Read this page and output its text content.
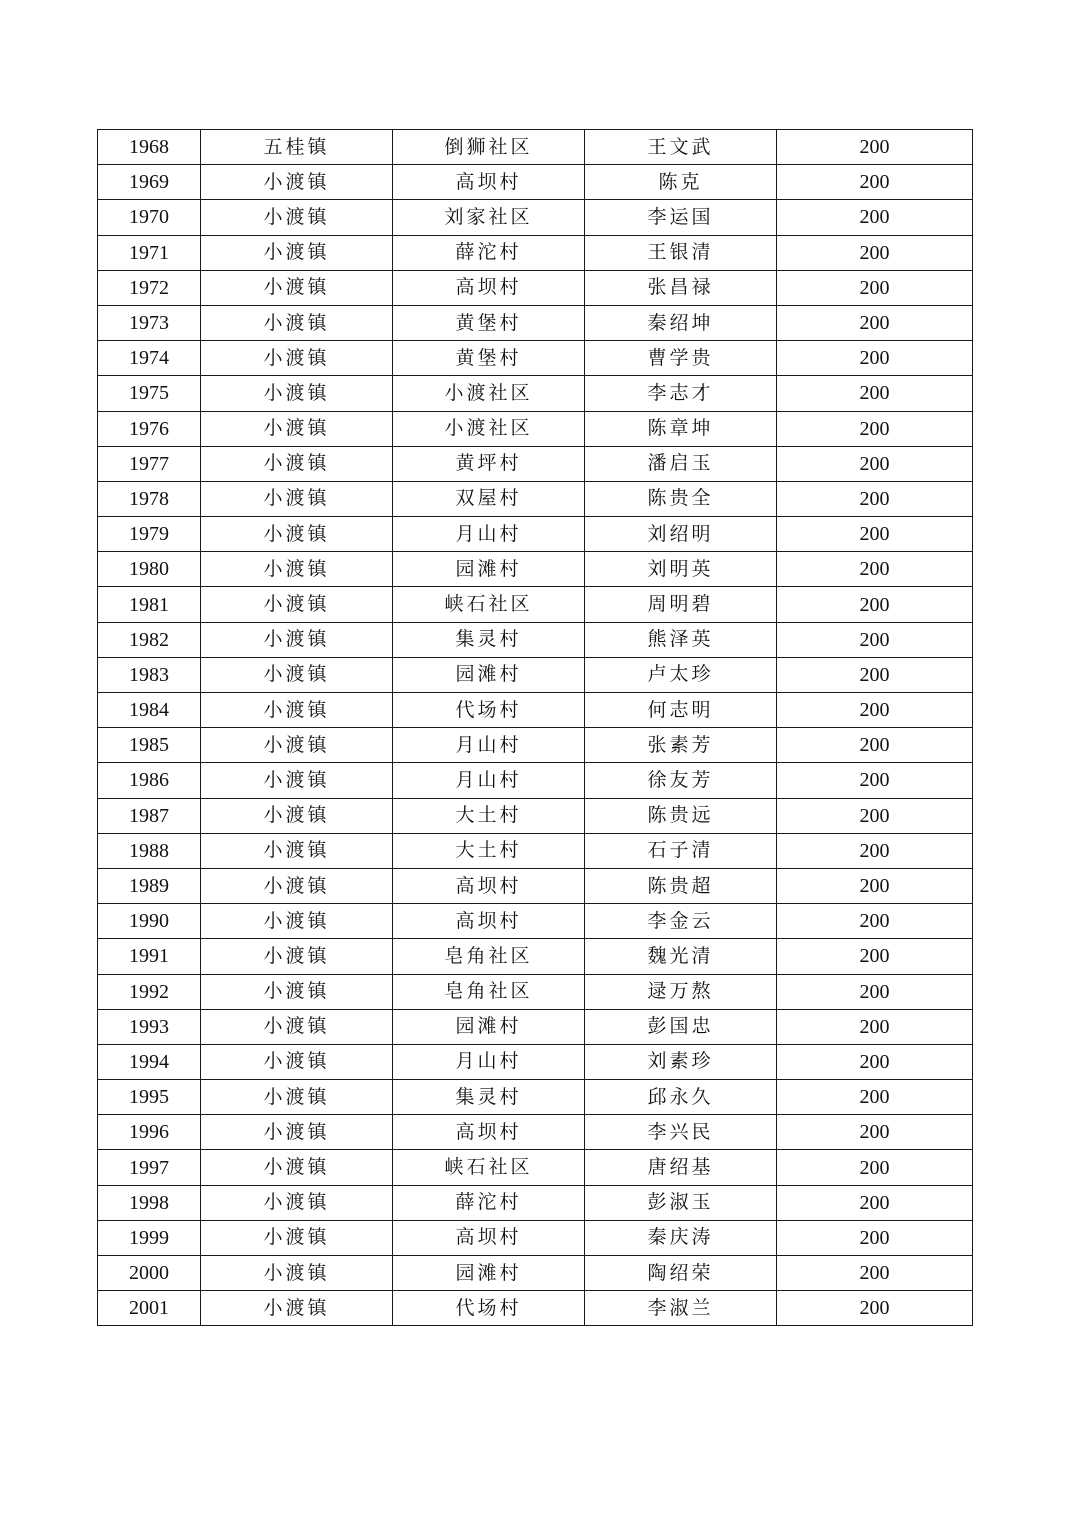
1968	五桂镇	倒狮社区	王文武	200
1969	小渡镇	高坝村	陈克	200
1970	小渡镇	刘家社区	李运国	200
1971	小渡镇	薛沱村	王银清	200
1972	小渡镇	高坝村	张昌禄	200
1973	小渡镇	黄堡村	秦绍坤	200
1974	小渡镇	黄堡村	曹学贵	200
1975	小渡镇	小渡社区	李志才	200
1976	小渡镇	小渡社区	陈章坤	200
1977	小渡镇	黄坪村	潘启玉	200
1978	小渡镇	双屋村	陈贵全	200
1979	小渡镇	月山村	刘绍明	200
1980	小渡镇	园滩村	刘明英	200
1981	小渡镇	峡石社区	周明碧	200
1982	小渡镇	集灵村	熊泽英	200
1983	小渡镇	园滩村	卢太珍	200
1984	小渡镇	代场村	何志明	200
1985	小渡镇	月山村	张素芳	200
1986	小渡镇	月山村	徐友芳	200
1987	小渡镇	大土村	陈贵远	200
1988	小渡镇	大土村	石子清	200
1989	小渡镇	高坝村	陈贵超	200
1990	小渡镇	高坝村	李金云	200
1991	小渡镇	皂角社区	魏光清	200
1992	小渡镇	皂角社区	逯万熬	200
1993	小渡镇	园滩村	彭国忠	200
1994	小渡镇	月山村	刘素珍	200
1995	小渡镇	集灵村	邱永久	200
1996	小渡镇	高坝村	李兴民	200
1997	小渡镇	峡石社区	唐绍基	200
1998	小渡镇	薛沱村	彭淑玉	200
1999	小渡镇	高坝村	秦庆涛	200
2000	小渡镇	园滩村	陶绍荣	200
2001	小渡镇	代场村	李淑兰	200
